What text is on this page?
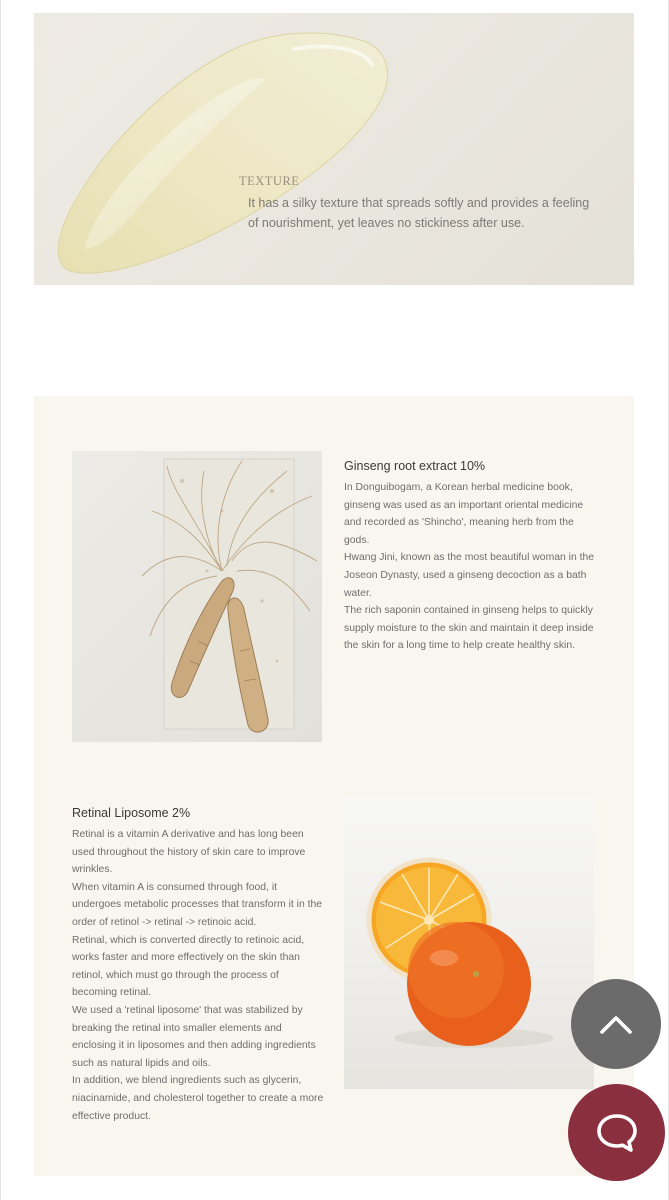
TEXTURE
It has a silky texture that spreads softly and provides a feeling of nourishment, yet leaves no stickiness after use.
Ginseng root extract 10%

In Donguibogam, a Korean herbal medicine book, ginseng was used as an important oriental medicine and recorded as 'Shincho', meaning herb from the gods.

Hwang Jini, known as the most beautiful woman in the Joseon Dynasty, used a ginseng decoction as a bath water.

The rich saponin contained in ginseng helps to quickly supply moisture to the skin and maintain it deep inside the skin for a long time to help create healthy skin.

Retinal Liposome 2%

Retinal is a vitamin A derivative and has long been used throughout the history of skin care to improve wrinkles.

When vitamin A is consumed through food, it undergoes metabolic processes that transform it in the order of retinol -> retinal -> retinoic acid.

Retinal, which is converted directly to retinoic acid, works faster and more effectively on the skin than retinol, which must go through the process of becoming retinal.

We used a 'retinal liposome' that was stabilized by breaking the retinal into smaller elements and enclosing it in liposomes and then adding ingredients such as natural lipids and oils.

In addition, we blend ingredients such as glycerin, niacinamide, and cholesterol together to create a more effective product.
